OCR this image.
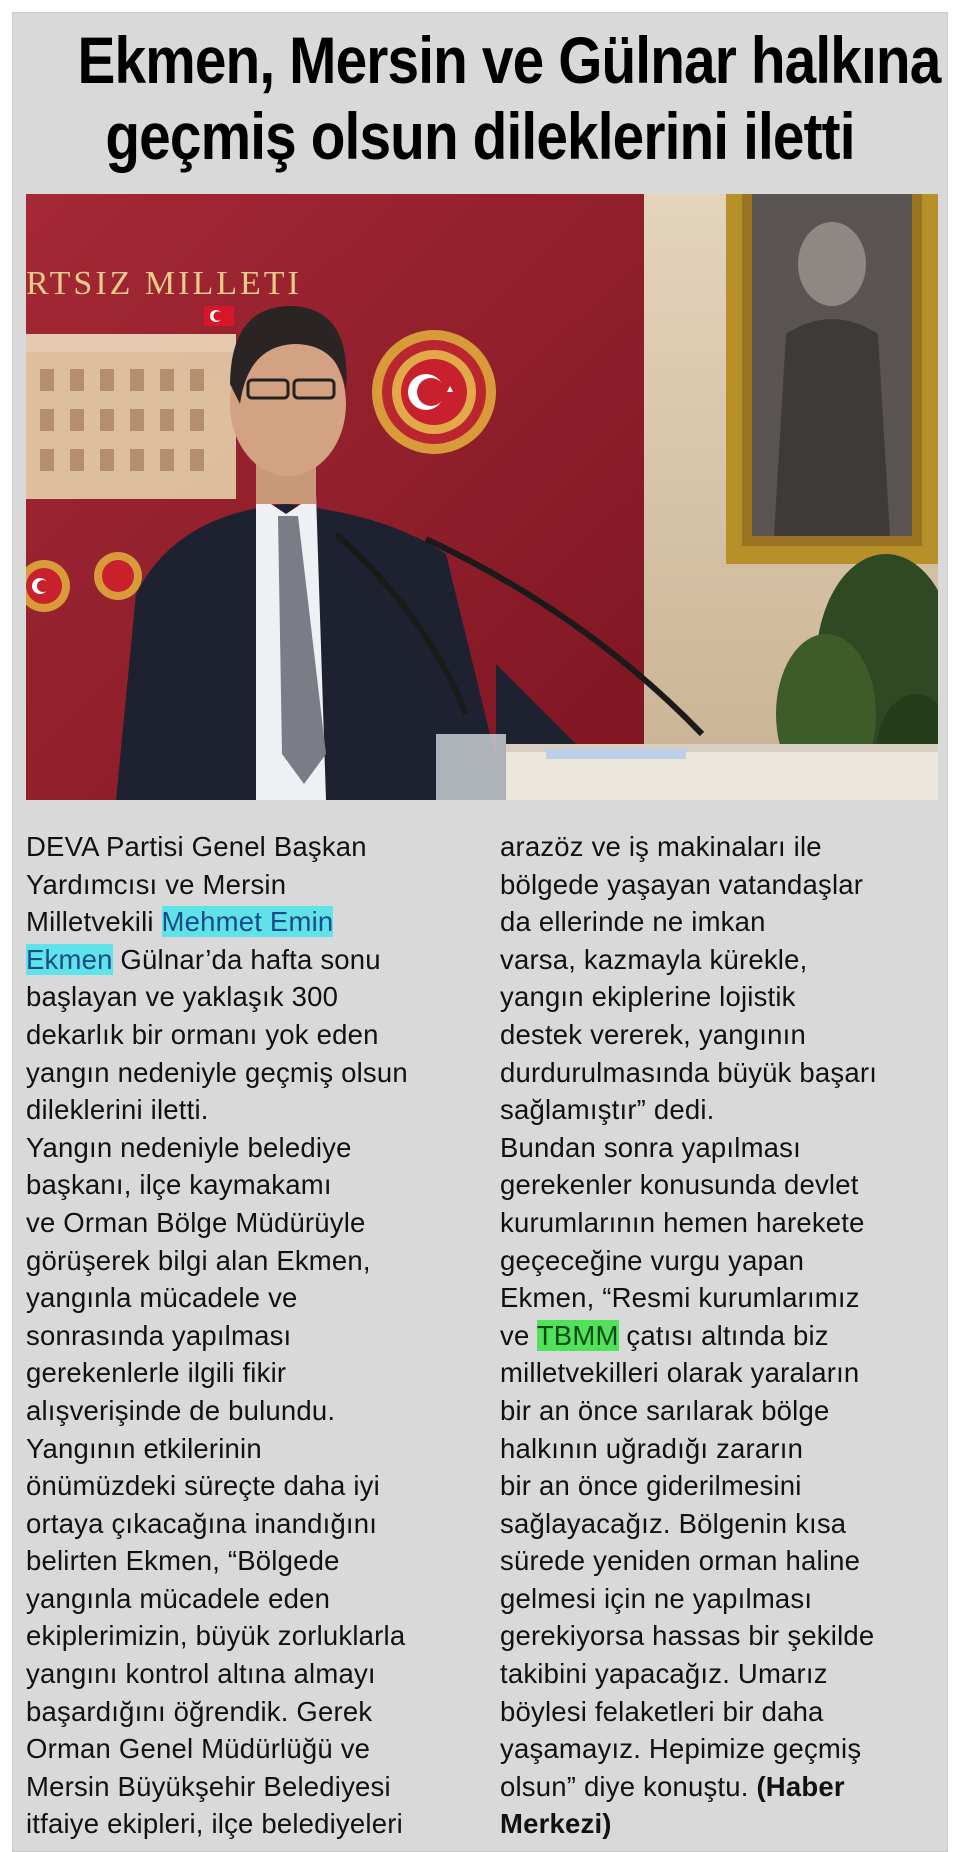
Ekmen, Mersin ve Gülnar halkına
geçmiş olsun dileklerini iletti
RTSIZ MILLETI

DEVA Partisi Genel Başkan
Yardımcısı ve Mersin
Milletvekili Mehmet Emin
Ekmen Gülnar’da hafta sonu
başlayan ve yaklaşık 300
dekarlık bir ormanı yok eden
yangın nedeniyle geçmiş olsun
dileklerini iletti.

Yangın nedeniyle belediye
başkanı, ilçe kaymakamı
ve Orman Bölge Müdürüyle
görüşerek bilgi alan Ekmen,
yangınla mücadele ve
sonrasında yapılması
gerekenlerle ilgili fikir
alışverişinde de bulundu.

Yangının etkilerinin
önümüzdeki süreçte daha iyi
ortaya çıkacağına inandığını
belirten Ekmen, “Bölgede
yangınla mücadele eden
ekiplerimizin, büyük zorluklarla
yangını kontrol altına almayı
başardığını öğrendik. Gerek
Orman Genel Müdürlüğü ve
Mersin Büyükşehir Belediyesi
itfaiye ekipleri, ilçe belediyeleri

arazöz ve iş makinaları ile
bölgede yaşayan vatandaşlar
da ellerinde ne imkan
varsa, kazmayla kürekle,
yangın ekiplerine lojistik
destek vererek, yangının
durdurulmasında büyük başarı
sağlamıştır” dedi.

Bundan sonra yapılması
gerekenler konusunda devlet
kurumlarının hemen harekete
geçeceğine vurgu yapan
Ekmen, “Resmi kurumlarımız
ve TBMM çatısı altında biz
milletvekilleri olarak yaraların
bir an önce sarılarak bölge
halkının uğradığı zararın
bir an önce giderilmesini
sağlayacağız. Bölgenin kısa
sürede yeniden orman haline
gelmesi için ne yapılması
gerekiyorsa hassas bir şekilde
takibini yapacağız. Umarız
böylesi felaketleri bir daha
yaşamayız. Hepimize geçmiş
olsun” diye konuştu. (Haber
Merkezi)
